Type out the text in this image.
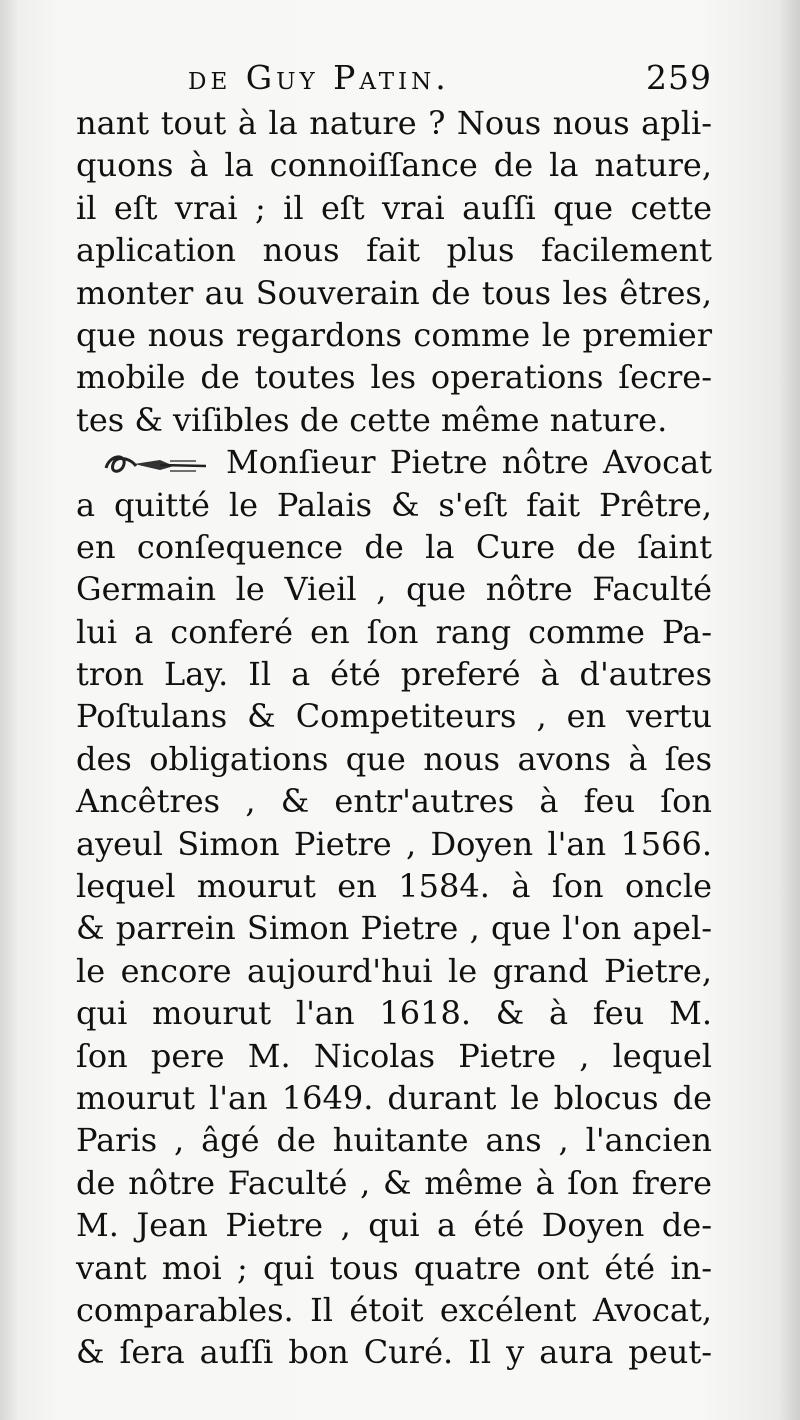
de Guy Patin.	259
nant tout à la nature ? Nous nous apli-
quons à la connoiſſance de la nature,
il eſt vrai ; il eſt vrai auſſi que cette
aplication nous fait plus facilement
monter au Souverain de tous les êtres,
que nous regardons comme le premier
mobile de toutes les operations ſecre-
tes & viſibles de cette même nature.
Monſieur Pietre nôtre Avocat
a quitté le Palais & s'eſt fait Prêtre,
en conſequence de la Cure de ſaint
Germain le Vieil , que nôtre Faculté
lui a conferé en ſon rang comme Pa-
tron Lay. Il a été preferé à d'autres
Poſtulans & Competiteurs , en vertu
des obligations que nous avons à ſes
Ancêtres , & entr'autres à feu ſon
ayeul Simon Pietre , Doyen l'an 1566.
lequel mourut en 1584. à ſon oncle
& parrein Simon Pietre , que l'on apel-
le encore aujourd'hui le grand Pietre,
qui mourut l'an 1618. & à feu M.
ſon pere M. Nicolas Pietre , lequel
mourut l'an 1649. durant le blocus de
Paris , âgé de huitante ans , l'ancien
de nôtre Faculté , & même à ſon frere
M. Jean Pietre , qui a été Doyen de-
vant moi ; qui tous quatre ont été in-
comparables. Il étoit excélent Avocat,
& ſera auſſi bon Curé. Il y aura peut-
